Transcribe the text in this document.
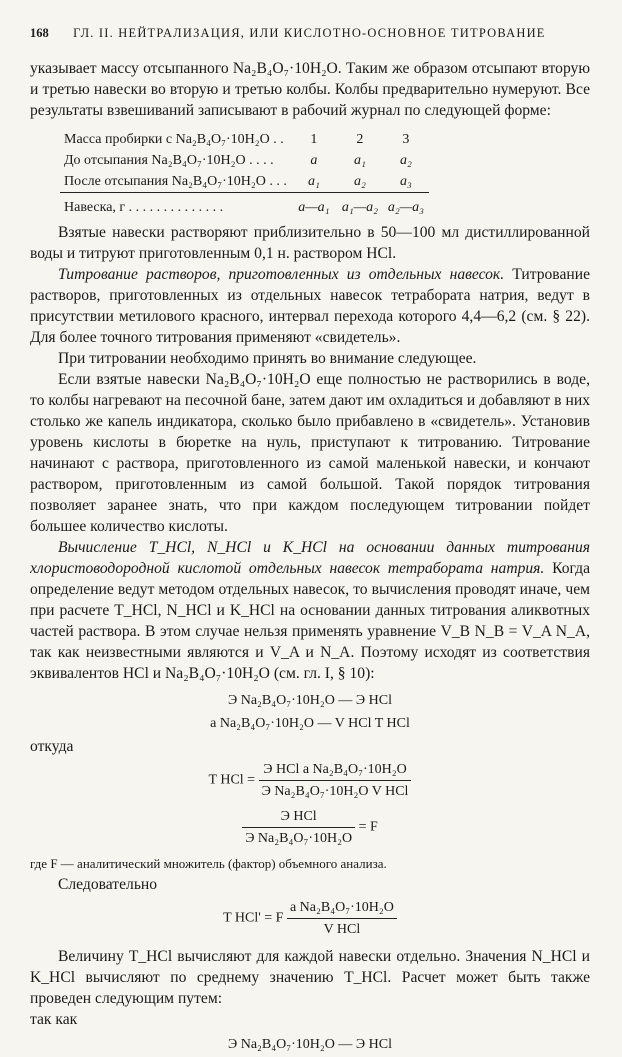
168 ГЛ. II. НЕЙТРАЛИЗАЦИЯ, ИЛИ КИСЛОТНО-ОСНОВНОЕ ТИТРОВАНИЕ

указывает массу отсыпанного Na₂B₄O₇·10H₂O. Таким же образом отсыпают вторую и третью навески во вторую и третью колбы. Колбы предварительно нумеруют. Все результаты взвешиваний записывают в рабочий журнал по следующей форме:

Масса пробирки с Na₂B₄O₇·10H₂O . .	1	2	3
До отсыпания Na₂B₄O₇·10H₂O . . . .	a	a₁	a₂
После отсыпания Na₂B₄O₇·10H₂O . . .	a₁	a₂	a₃
Навеска, г . . . . . . . . . . . . . .	a—a₁	a₁—a₂	a₂—a₃

Взятые навески растворяют приблизительно в 50—100 мл дистиллированной воды и титруют приготовленным 0,1 н. раствором HCl.

Титрование растворов, приготовленных из отдельных навесок. Титрование растворов, приготовленных из отдельных навесок тетрабората натрия, ведут в присутствии метилового красного, интервал перехода которого 4,4—6,2 (см. § 22). Для более точного титрования применяют «свидетель».

При титровании необходимо принять во внимание следующее.

Если взятые навески Na₂B₄O₇·10H₂O еще полностью не растворились в воде, то колбы нагревают на песочной бане, затем дают им охладиться и добавляют в них столько же капель индикатора, сколько было прибавлено в «свидетель». Установив уровень кислоты в бюретке на нуль, приступают к титрованию. Титрование начинают с раствора, приготовленного из самой маленькой навески, и кончают раствором, приготовленным из самой большой. Такой порядок титрования позволяет заранее знать, что при каждом последующем титровании пойдет большее количество кислоты.

Вычисление Т_HCl, N_HCl и K_HCl на основании данных титрования хлористоводородной кислотой отдельных навесок тетрабората натрия. Когда определение ведут методом отдельных навесок, то вычисления проводят иначе, чем при расчете Т_HCl, N_HCl и K_HCl на основании данных титрования аликвотных частей раствора. В этом случае нельзя применять уравнение V_B N_B = V_A N_A, так как неизвестными являются и V_A и N_A. Поэтому исходят из соответствия эквивалентов HCl и Na₂B₄O₇·10H₂O (см. гл. I, § 10):

Э Na₂B₄O₇·10H₂O — Э HCl
a Na₂B₄O₇·10H₂O — V HCl T HCl

откуда

T HCl = $\frac{\text{Э HCl a Na₂B₄O₇·10H₂O}}{\text{Э Na₂B₄O₇·10H₂O V HCl}}$
$\frac{\text{Э HCl}}{\text{Э Na₂B₄O₇·10H₂O}} = F$

где F — аналитический множитель (фактор) объемного анализа.

Следовательно

T HCl' = F $\frac{\text{a Na₂B₄O₇·10H₂O}}{\text{V HCl}}$

Величину Т_HCl вычисляют для каждой навески отдельно. Значения N_HCl и K_HCl вычисляют по среднему значению Т_HCl. Расчет может быть также проведен следующим путем:

так как

Э Na₂B₄O₇·10H₂O — Э HCl
